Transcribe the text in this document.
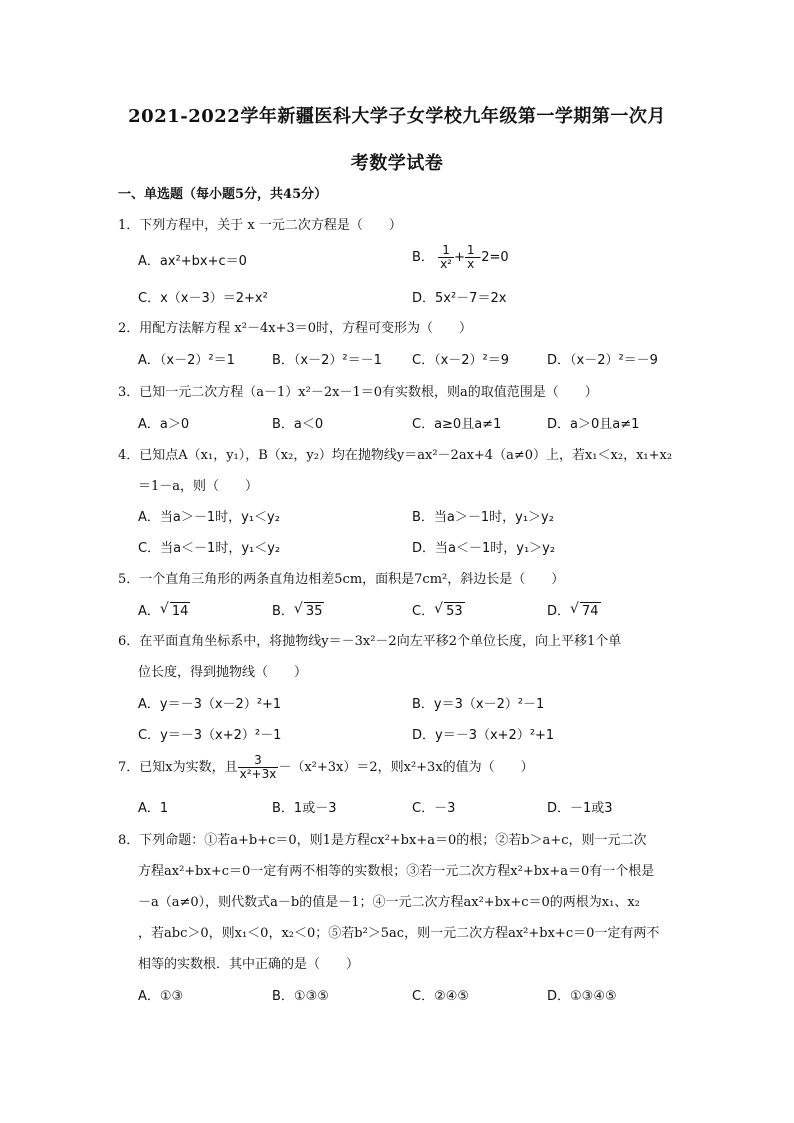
2021-2022学年新疆医科大学子女学校九年级第一学期第一次月
考数学试卷
一、单选题（每小题5分，共45分）
1．下列方程中，关于 x 一元二次方程是（　　）
A．ax²+bx+c＝0	B． $\frac{1}{\text{x²}} + \frac{1}{x} -2=0$
C．x（x－3）＝2+x²	D．5x²－7＝2x
2．用配方法解方程 x²－4x+3＝0时，方程可变形为（　　）
A．（x－2）²＝1	B．（x－2）²＝－1 C．（x－2）²＝9	D．（x－2）²＝－9
3．已知一元二次方程（a－1）x²－2x－1＝0有实数根，则a的取值范围是（　　）
A．a＞0	B．a＜0	C．a≥0且a≠1	D．a＞0且a≠1
4．已知点A（x₁，y₁），B（x₂，y₂）均在抛物线y＝ax²－2ax+4（a≠0）上，若x₁＜x₂，x₁+x₂
＝1－a，则（　　）
A．当a＞－1时，y₁＜y₂	B．当a＞－1时，y₁＞y₂
C．当a＜－1时，y₁＜y₂	D．当a＜－1时，y₁＞y₂
5．一个直角三角形的两条直角边相差5cm，面积是7cm²，斜边长是（　　）
A． √ 14	B． √ 35	C． √ 53	D． √ 74
6．在平面直角坐标系中，将抛物线y＝－3x²－2向左平移2个单位长度，向上平移1个单
位长度，得到抛物线（　　）
A．y＝－3（x－2）²+1	B．y＝3（x－2）²－1
C．y＝－3（x+2）²－1	D．y＝－3（x+2）²+1
7．已知x为实数，且 $\frac{3}{\text{x²+3x}} -(x^2+3x)=2$，则x²+3x的值为（　　）
A．1	B．1或－3	C．－3	D．－1或3
8．下列命题：①若a+b+c＝0，则1是方程cx²+bx+a＝0的根；②若b＞a+c，则一元二次
方程ax²+bx+c＝0一定有两不相等的实数根；③若一元二次方程x²+bx+a＝0有一个根是
－a（a≠0），则代数式a－b的值是－1；④一元二次方程ax²+bx+c＝0的两根为x₁、x₂
，若abc＞0，则x₁＜0，x₂＜0；⑤若b²＞5ac，则一元二次方程ax²+bx+c＝0一定有两不
相等的实数根．其中正确的是（　　）
A．①③	B．①③⑤	C．②④⑤	D．①③④⑤
